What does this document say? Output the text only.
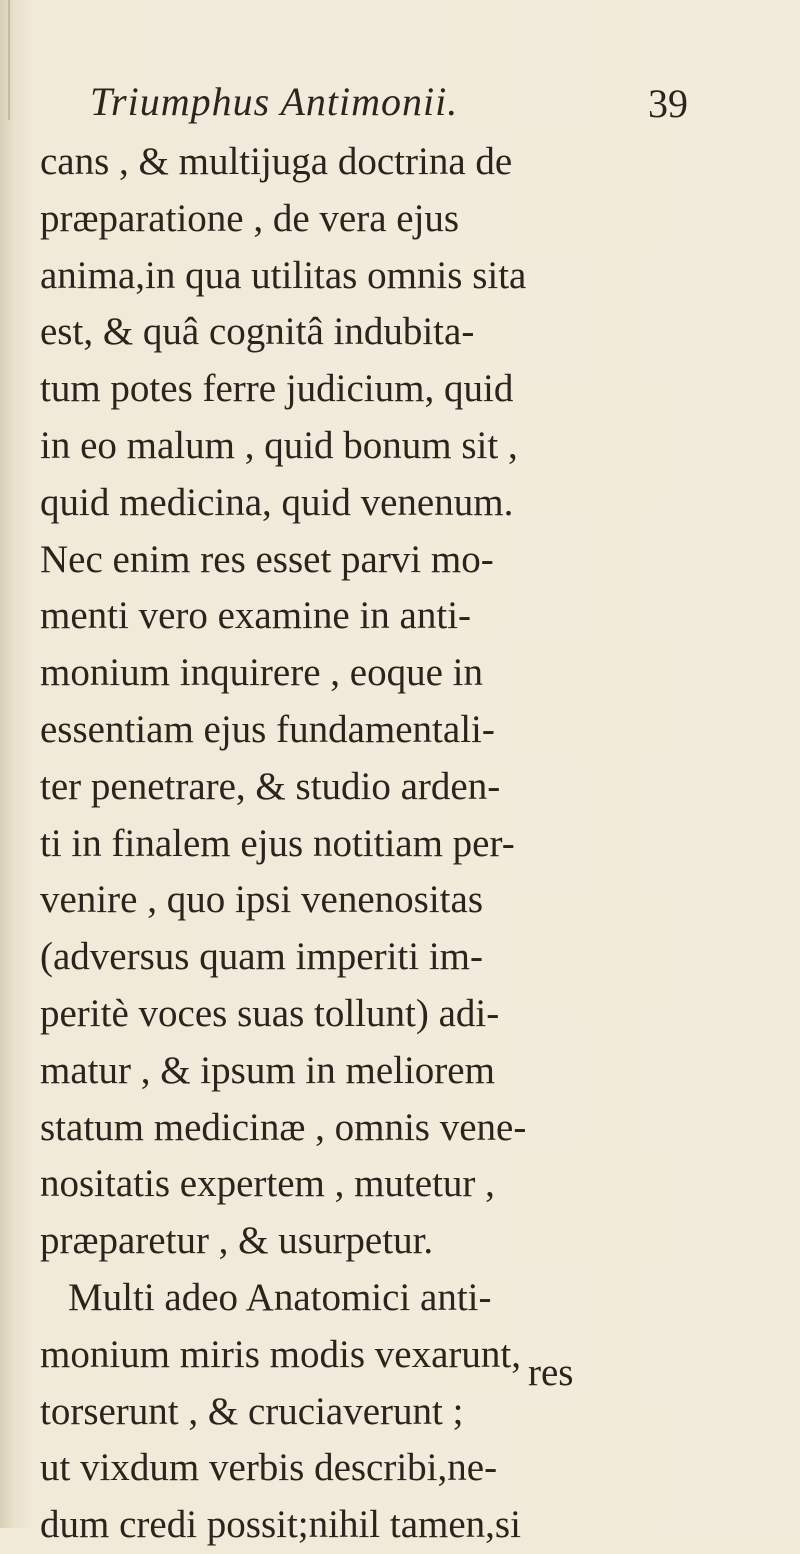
Triumphus Antimonii.	39
cans , & multijuga doctrina de
præparatione , de vera ejus
anima,in qua utilitas omnis sita
est, & quâ cognitâ indubita-
tum potes ferre judicium, quid
in eo malum , quid bonum sit ,
quid medicina, quid venenum.
Nec enim res esset parvi mo-
menti vero examine in anti-
monium inquirere , eoque in
essentiam ejus fundamentali-
ter penetrare, & studio arden-
ti in finalem ejus notitiam per-
venire , quo ipsi venenositas
(adversus quam imperiti im-
peritè voces suas tollunt) adi-
matur , & ipsum in meliorem
statum medicinæ , omnis vene-
nositatis expertem , mutetur ,
præparetur , & usurpetur.
Multi adeo Anatomici anti-
monium miris modis vexarunt,
torserunt , & cruciaverunt ;
ut vixdum verbis describi,ne-
dum credi possit;nihil tamen,si
res
